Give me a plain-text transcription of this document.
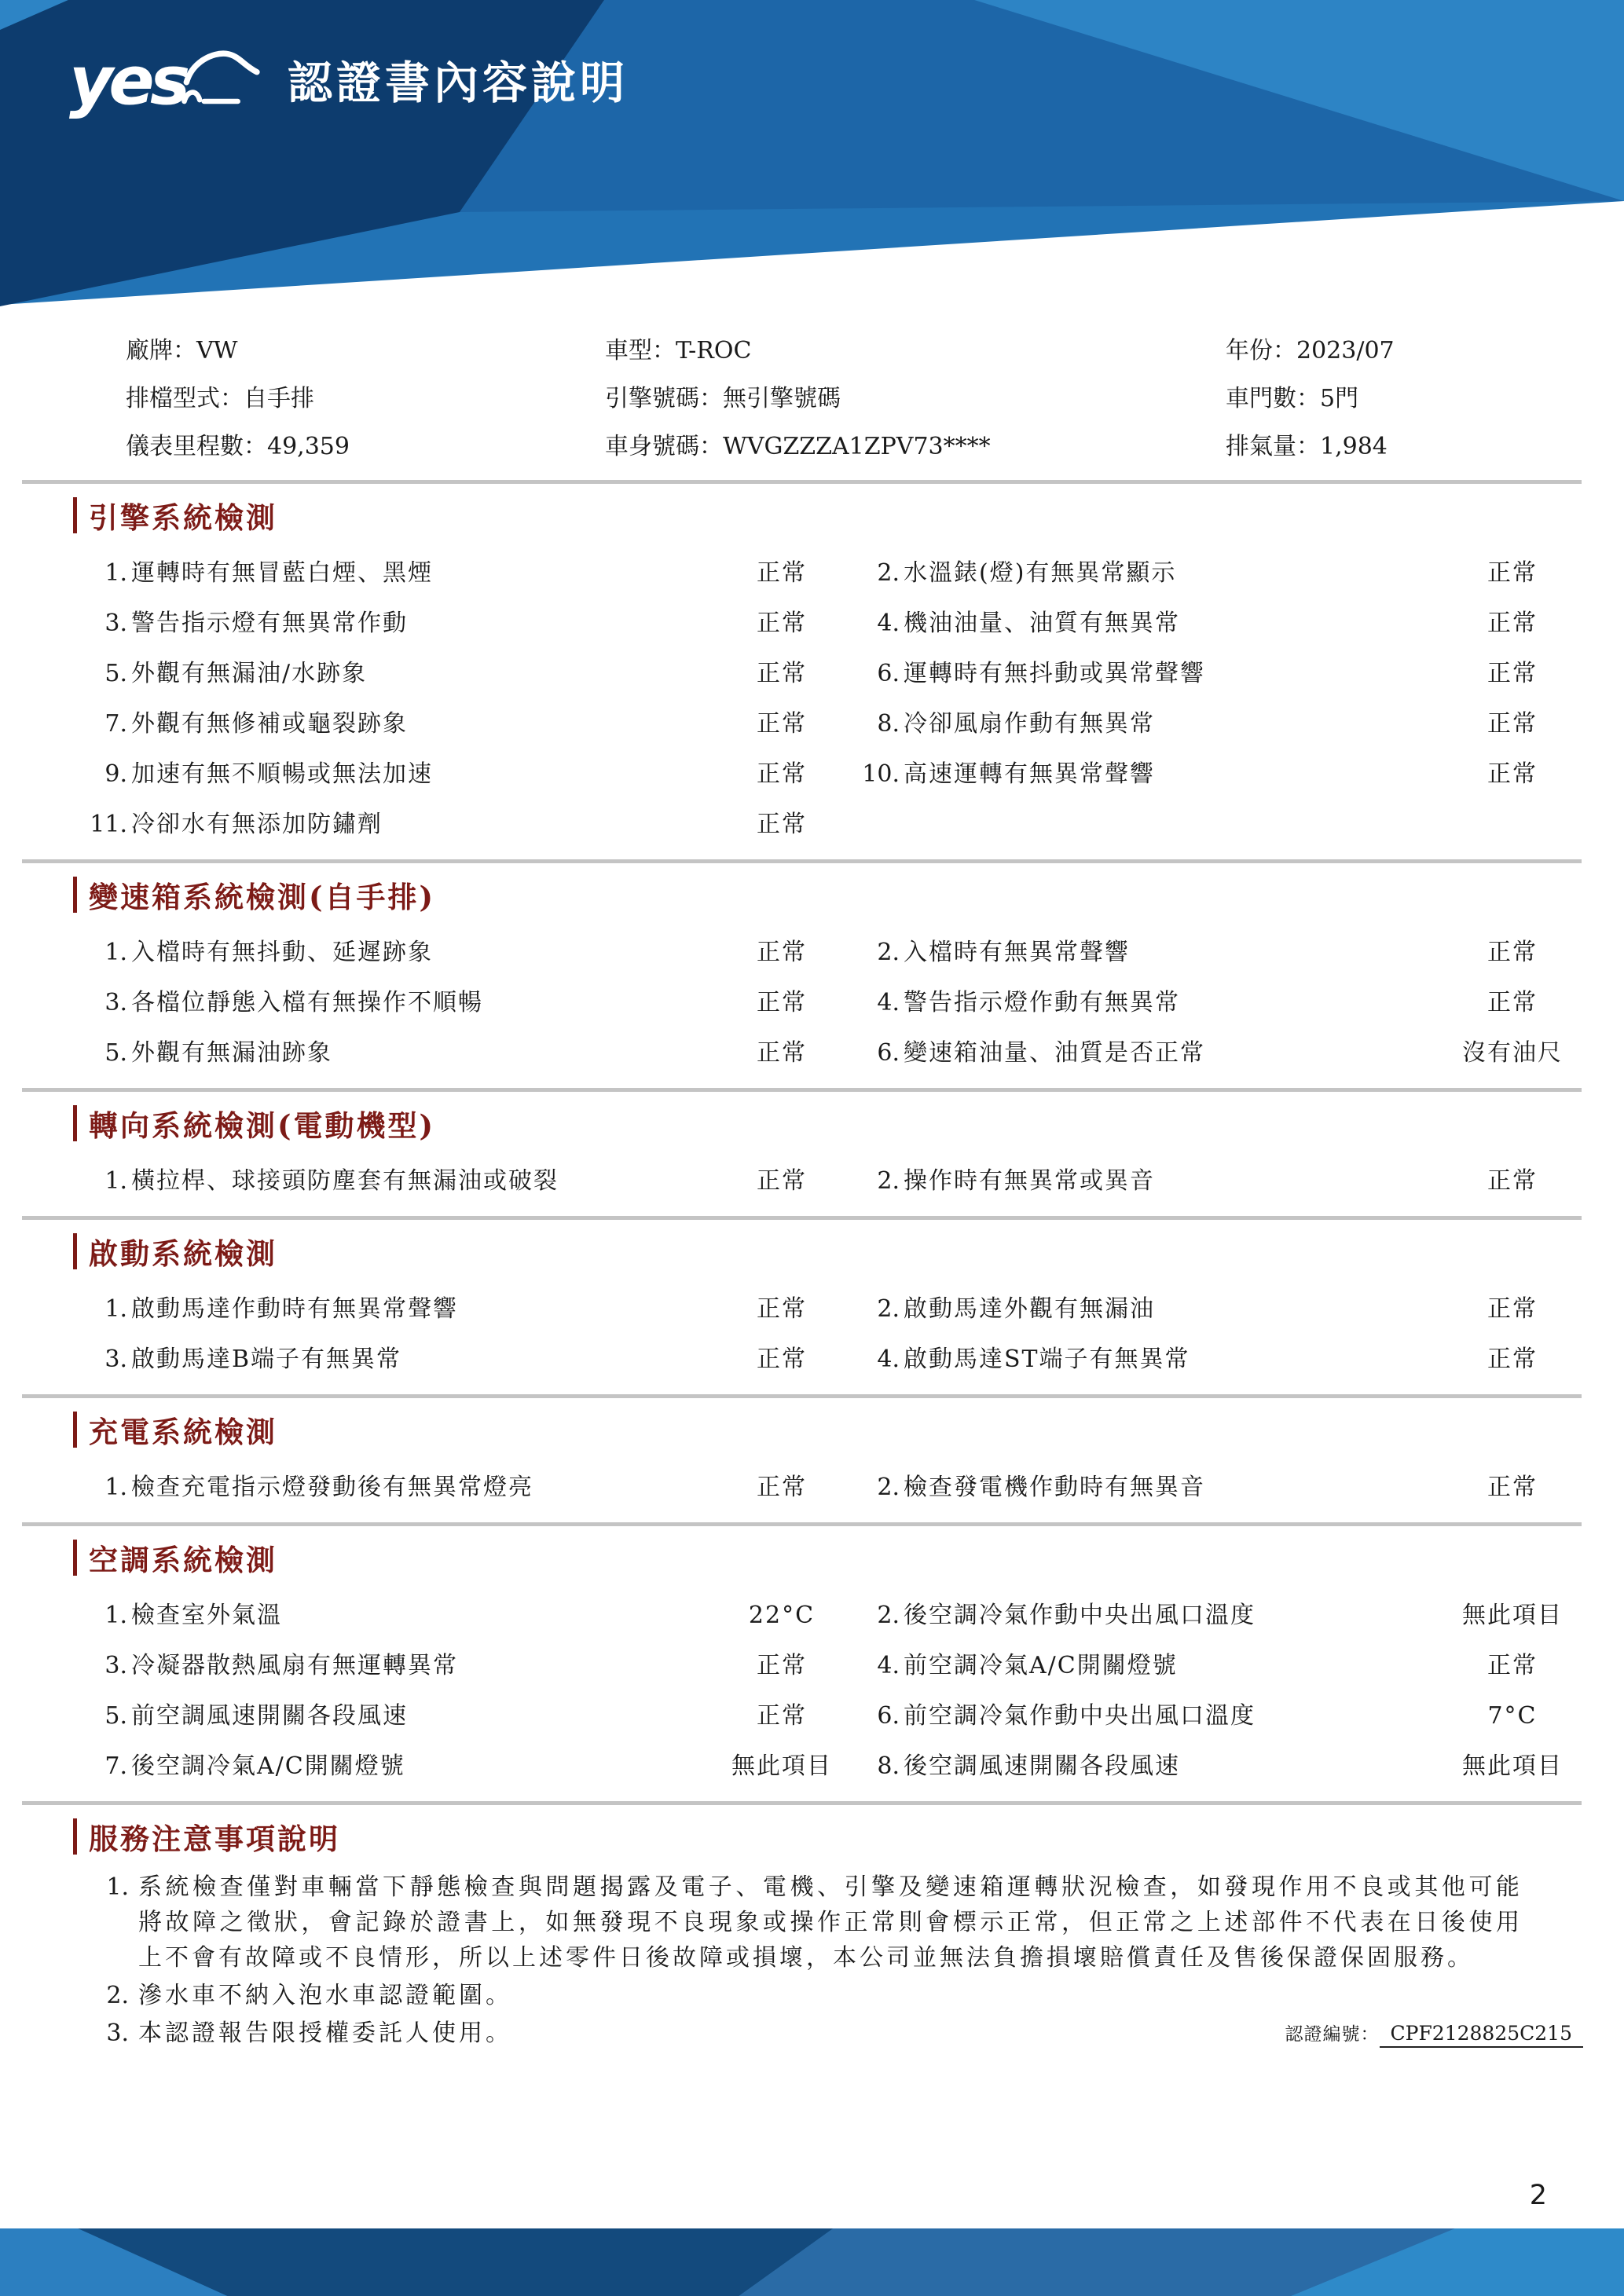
yes 認證書內容說明
廠牌：VW	車型：T-ROC	年份：2023/07
排檔型式：自手排	引擎號碼：無引擎號碼	車門數：5門
儀表里程數：49,359	車身號碼：WVGZZZA1ZPV73****	排氣量：1,984
引擎系統檢測
1. 運轉時有無冒藍白煙、黑煙	正常	2. 水溫錶(燈)有無異常顯示	正常
3. 警告指示燈有無異常作動	正常	4. 機油油量、油質有無異常	正常
5. 外觀有無漏油/水跡象	正常	6. 運轉時有無抖動或異常聲響	正常
7. 外觀有無修補或龜裂跡象	正常	8. 冷卻風扇作動有無異常	正常
9. 加速有無不順暢或無法加速	正常	10. 高速運轉有無異常聲響	正常
11. 冷卻水有無添加防鏽劑	正常
變速箱系統檢測(自手排)
1. 入檔時有無抖動、延遲跡象	正常	2. 入檔時有無異常聲響	正常
3. 各檔位靜態入檔有無操作不順暢	正常	4. 警告指示燈作動有無異常	正常
5. 外觀有無漏油跡象	正常	6. 變速箱油量、油質是否正常	沒有油尺
轉向系統檢測(電動機型)
1. 橫拉桿、球接頭防塵套有無漏油或破裂	正常	2. 操作時有無異常或異音	正常
啟動系統檢測
1. 啟動馬達作動時有無異常聲響	正常	2. 啟動馬達外觀有無漏油	正常
3. 啟動馬達B端子有無異常	正常	4. 啟動馬達ST端子有無異常	正常
充電系統檢測
1. 檢查充電指示燈發動後有無異常燈亮	正常	2. 檢查發電機作動時有無異音	正常
空調系統檢測
1. 檢查室外氣溫	22°C	2. 後空調冷氣作動中央出風口溫度	無此項目
3. 冷凝器散熱風扇有無運轉異常	正常	4. 前空調冷氣A/C開關燈號	正常
5. 前空調風速開關各段風速	正常	6. 前空調冷氣作動中央出風口溫度	7°C
7. 後空調冷氣A/C開關燈號	無此項目	8. 後空調風速開關各段風速	無此項目
服務注意事項說明
1. 系統檢查僅對車輛當下靜態檢查與問題揭露及電子、電機、引擎及變速箱運轉狀況檢查，如發現作用不良或其他可能將故障之徵狀，會記錄於證書上，如無發現不良現象或操作正常則會標示正常，但正常之上述部件不代表在日後使用上不會有故障或不良情形，所以上述零件日後故障或損壞，本公司並無法負擔損壞賠償責任及售後保證保固服務。
2. 滲水車不納入泡水車認證範圍。
3. 本認證報告限授權委託人使用。	認證編號： CPF2128825C215
2
